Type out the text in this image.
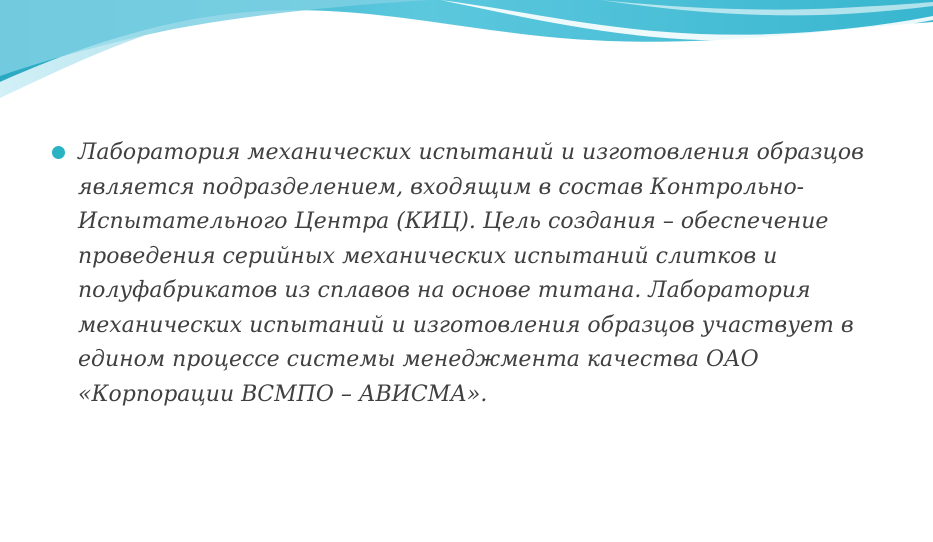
Лаборатория механических испытаний и изготовления образцов является подразделением, входящим в состав Контрольно-Испытательного Центра (КИЦ). Цель создания – обеспечение проведения серийных механических испытаний слитков и полуфабрикатов из сплавов на основе титана. Лаборатория механических испытаний и изготовления образцов участвует в едином процессе системы менеджмента качества ОАО «Корпорации ВСМПО – АВИСМА».
